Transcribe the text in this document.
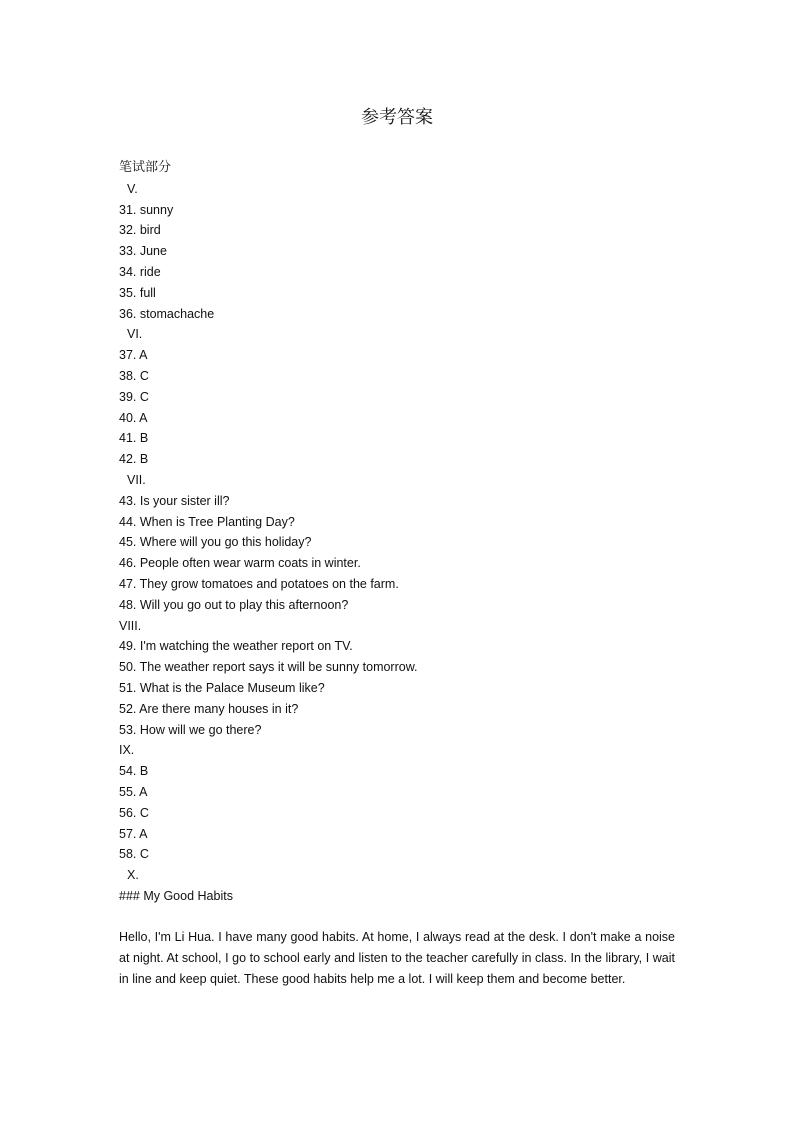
参考答案
笔试部分
V.
31. sunny
32. bird
33. June
34. ride
35. full
36. stomachache
VI.
37. A
38. C
39. C
40. A
41. B
42. B
VII.
43. Is your sister ill?
44. When is Tree Planting Day?
45. Where will you go this holiday?
46. People often wear warm coats in winter.
47. They grow tomatoes and potatoes on the farm.
48. Will you go out to play this afternoon?
VIII.
49. I'm watching the weather report on TV.
50. The weather report says it will be sunny tomorrow.
51. What is the Palace Museum like?
52. Are there many houses in it?
53. How will we go there?
IX.
54. B
55. A
56. C
57. A
58. C
X.
### My Good Habits
Hello, I'm Li Hua. I have many good habits. At home, I always read at the desk. I don't make a noise at night. At school, I go to school early and listen to the teacher carefully in class. In the library, I wait in line and keep quiet. These good habits help me a lot. I will keep them and become better.
